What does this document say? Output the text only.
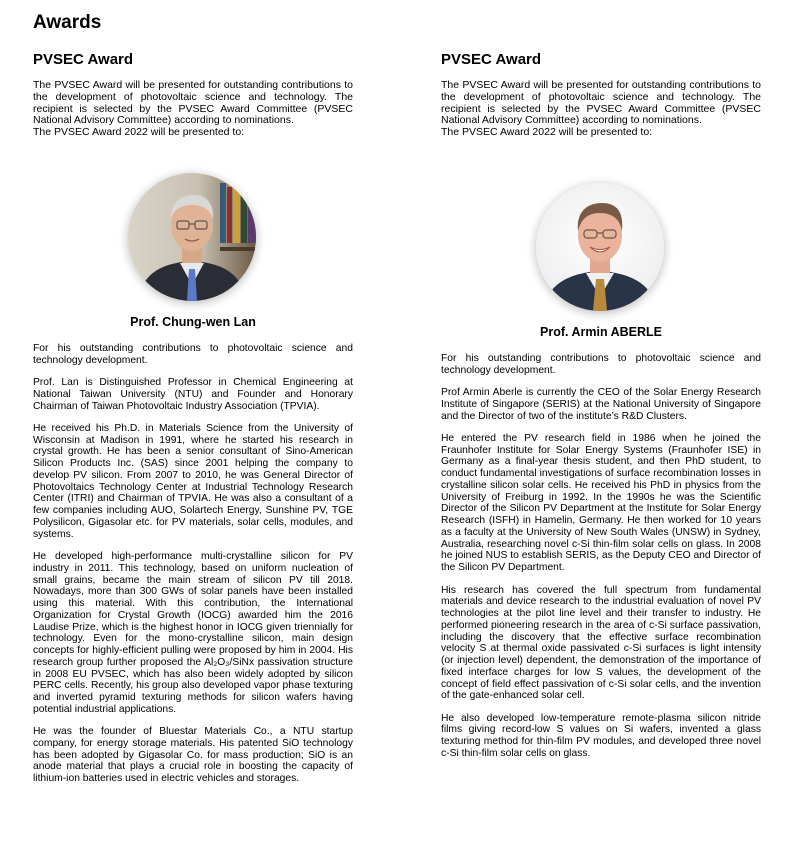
Awards
PVSEC Award
The PVSEC Award will be presented for outstanding contributions to the development of photovoltaic science and technology. The recipient is selected by the PVSEC Award Committee (PVSEC National Advisory Committee) according to nominations.
The PVSEC Award 2022 will be presented to:
Prof. Chung-wen Lan

For his outstanding contributions to photovoltaic science and technology development.

Prof. Lan is Distinguished Professor in Chemical Engineering at National Taiwan University (NTU) and Founder and Honorary Chairman of Taiwan Photovoltaic Industry Association (TPVIA).

He received his Ph.D. in Materials Science from the University of Wisconsin at Madison in 1991, where he started his research in crystal growth. He has been a senior consultant of Sino-American Silicon Products Inc. (SAS) since 2001 helping the company to develop PV silicon. From 2007 to 2010, he was General Director of Photovoltaics Technology Center at Industrial Technology Research Center (ITRI) and Chairman of TPVIA. He was also a consultant of a few companies including AUO, Solartech Energy, Sunshine PV, TGE Polysilicon, Gigasolar etc. for PV materials, solar cells, modules, and systems.

He developed high-performance multi-crystalline silicon for PV industry in 2011. This technology, based on uniform nucleation of small grains, became the main stream of silicon PV till 2018. Nowadays, more than 300 GWs of solar panels have been installed using this material. With this contribution, the International Organization for Crystal Growth (IOCG) awarded him the 2016 Laudise Prize, which is the highest honor in IOCG given triennially for technology. Even for the mono-crystalline silicon, main design concepts for highly-efficient pulling were proposed by him in 2004. His research group further proposed the Al₂O₃/SiNx passivation structure in 2008 EU PVSEC, which has also been widely adopted by silicon PERC cells. Recently, his group also developed vapor phase texturing and inverted pyramid texturing methods for silicon wafers having potential industrial applications.

He was the founder of Bluestar Materials Co., a NTU startup company, for energy storage materials. His patented SiO technology has been adopted by Gigasolar Co. for mass production; SiO is an anode material that plays a crucial role in boosting the capacity of lithium-ion batteries used in electric vehicles and storages.

PVSEC Award
The PVSEC Award will be presented for outstanding contributions to the development of photovoltaic science and technology. The recipient is selected by the PVSEC Award Committee (PVSEC National Advisory Committee) according to nominations.
The PVSEC Award 2022 will be presented to:
Prof. Armin ABERLE

For his outstanding contributions to photovoltaic science and technology development.

Prof Armin Aberle is currently the CEO of the Solar Energy Research Institute of Singapore (SERIS) at the National University of Singapore and the Director of two of the institute’s R&D Clusters.

He entered the PV research field in 1986 when he joined the Fraunhofer Institute for Solar Energy Systems (Fraunhofer ISE) in Germany as a final-year thesis student, and then PhD student, to conduct fundamental investigations of surface recombination losses in crystalline silicon solar cells. He received his PhD in physics from the University of Freiburg in 1992. In the 1990s he was the Scientific Director of the Silicon PV Department at the Institute for Solar Energy Research (ISFH) in Hamelin, Germany. He then worked for 10 years as a faculty at the University of New South Wales (UNSW) in Sydney, Australia, researching novel c-Si thin-film solar cells on glass. In 2008 he joined NUS to establish SERIS, as the Deputy CEO and Director of the Silicon PV Department.

His research has covered the full spectrum from fundamental materials and device research to the industrial evaluation of novel PV technologies at the pilot line level and their transfer to industry. He performed pioneering research in the area of c-Si surface passivation, including the discovery that the effective surface recombination velocity S at thermal oxide passivated c-Si surfaces is light intensity (or injection level) dependent, the demonstration of the importance of fixed interface charges for low S values, the development of the concept of field effect passivation of c-Si solar cells, and the invention of the gate-enhanced solar cell.

He also developed low-temperature remote-plasma silicon nitride films giving record-low S values on Si wafers, invented a glass texturing method for thin-film PV modules, and developed three novel c-Si thin-film solar cells on glass.
